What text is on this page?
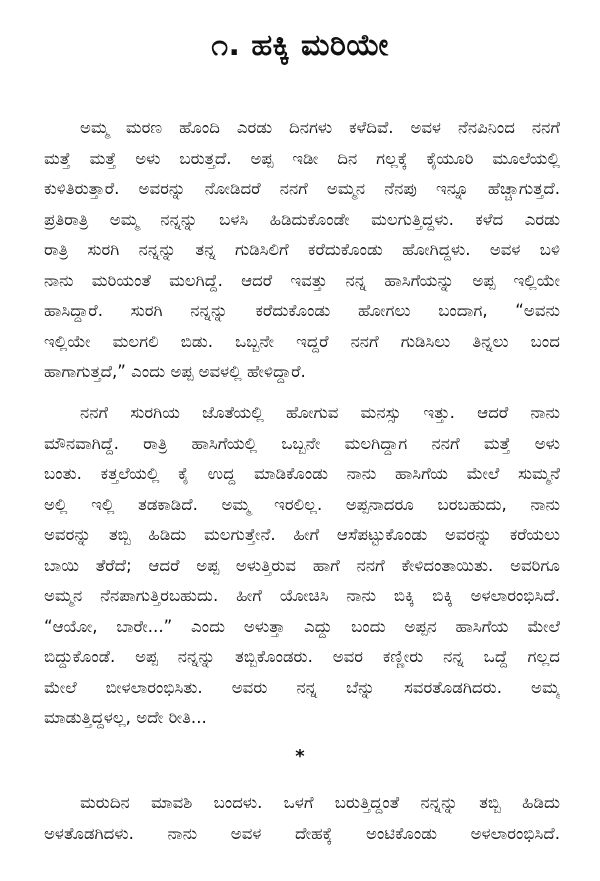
೧. ಹಕ್ಕಿ ಮರಿಯೇ
ಅಮ್ಮ ಮರಣ ಹೊಂದಿ ಎರಡು ದಿನಗಳು ಕಳೆದಿವೆ. ಅವಳ ನೆನಪಿನಿಂದ ನನಗೆ
ಮತ್ತೆ ಮತ್ತೆ ಅಳು ಬರುತ್ತದೆ. ಅಪ್ಪ ಇಡೀ ದಿನ ಗಲ್ಲಕ್ಕೆ ಕೈಯೂರಿ ಮೂಲೆಯಲ್ಲಿ
ಕುಳಿತಿರುತ್ತಾರೆ. ಅವರನ್ನು ನೋಡಿದರೆ ನನಗೆ ಅಮ್ಮನ ನೆನಪು ಇನ್ನೂ ಹೆಚ್ಚಾಗುತ್ತದೆ.
ಪ್ರತಿರಾತ್ರಿ ಅಮ್ಮ ನನ್ನನ್ನು ಬಳಸಿ ಹಿಡಿದುಕೊಂಡೇ ಮಲಗುತ್ತಿದ್ದಳು. ಕಳೆದ ಎರಡು
ರಾತ್ರಿ ಸುರಗಿ ನನ್ನನ್ನು ತನ್ನ ಗುಡಿಸಿಲಿಗೆ ಕರೆದುಕೊಂಡು ಹೋಗಿದ್ದಳು. ಅವಳ ಬಳಿ
ನಾನು ಮರಿಯಂತೆ ಮಲಗಿದ್ದೆ. ಆದರೆ ಇವತ್ತು ನನ್ನ ಹಾಸಿಗೆಯನ್ನು ಅಪ್ಪ ಇಲ್ಲಿಯೇ
ಹಾಸಿದ್ದಾರೆ. ಸುರಗಿ ನನ್ನನ್ನು ಕರೆದುಕೊಂಡು ಹೋಗಲು ಬಂದಾಗ, “ಅವನು
ಇಲ್ಲಿಯೇ ಮಲಗಲಿ ಬಿಡು. ಒಬ್ಬನೇ ಇದ್ದರೆ ನನಗೆ ಗುಡಿಸಿಲು ತಿನ್ನಲು ಬಂದ
ಹಾಗಾಗುತ್ತದೆ,” ಎಂದು ಅಪ್ಪ ಅವಳಲ್ಲಿ ಹೇಳಿದ್ದಾರೆ.
ನನಗೆ ಸುರಗಿಯ ಜೊತೆಯಲ್ಲಿ ಹೋಗುವ ಮನಸ್ಸು ಇತ್ತು. ಆದರೆ ನಾನು
ಮೌನವಾಗಿದ್ದೆ. ರಾತ್ರಿ ಹಾಸಿಗೆಯಲ್ಲಿ ಒಬ್ಬನೇ ಮಲಗಿದ್ದಾಗ ನನಗೆ ಮತ್ತೆ ಅಳು
ಬಂತು. ಕತ್ತಲೆಯಲ್ಲಿ ಕೈ ಉದ್ದ ಮಾಡಿಕೊಂಡು ನಾನು ಹಾಸಿಗೆಯ ಮೇಲೆ ಸುಮ್ಮನೆ
ಅಲ್ಲಿ ಇಲ್ಲಿ ತಡಕಾಡಿದೆ. ಅಮ್ಮ ಇರಲಿಲ್ಲ. ಅಪ್ಪನಾದರೂ ಬರಬಹುದು, ನಾನು
ಅವರನ್ನು ತಬ್ಬಿ ಹಿಡಿದು ಮಲಗುತ್ತೇನೆ. ಹೀಗೆ ಆಸೆಪಟ್ಟುಕೊಂಡು ಅವರನ್ನು ಕರೆಯಲು
ಬಾಯಿ ತೆರೆದೆ; ಆದರೆ ಅಪ್ಪ ಅಳುತ್ತಿರುವ ಹಾಗೆ ನನಗೆ ಕೇಳಿದಂತಾಯಿತು. ಅವರಿಗೂ
ಅಮ್ಮನ ನೆನಪಾಗುತ್ತಿರಬಹುದು. ಹೀಗೆ ಯೋಚಿಸಿ ನಾನು ಬಿಕ್ಕಿ ಬಿಕ್ಕಿ ಅಳಲಾರಂಭಿಸಿದೆ.
“ಆಯೋ, ಬಾರೇ...” ಎಂದು ಅಳುತ್ತಾ ಎದ್ದು ಬಂದು ಅಪ್ಪನ ಹಾಸಿಗೆಯ ಮೇಲೆ
ಬಿದ್ದುಕೊಂಡೆ. ಅಪ್ಪ ನನ್ನನ್ನು ತಬ್ಬಿಕೊಂಡರು. ಅವರ ಕಣ್ಣೀರು ನನ್ನ ಒದ್ದೆ ಗಲ್ಲದ
ಮೇಲೆ ಬೀಳಲಾರಂಭಿಸಿತು. ಅವರು ನನ್ನ ಬೆನ್ನು ಸವರತೊಡಗಿದರು. ಅಮ್ಮ
ಮಾಡುತ್ತಿದ್ದಳಲ್ಲ, ಅದೇ ರೀತಿ...
*
ಮರುದಿನ ಮಾವಶಿ ಬಂದಳು. ಒಳಗೆ ಬರುತ್ತಿದ್ದಂತೆ ನನ್ನನ್ನು ತಬ್ಬಿ ಹಿಡಿದು
ಅಳತೊಡಗಿದಳು. ನಾನು ಅವಳ ದೇಹಕ್ಕೆ ಅಂಟಿಕೊಂಡು ಅಳಲಾರಂಭಿಸಿದೆ.
